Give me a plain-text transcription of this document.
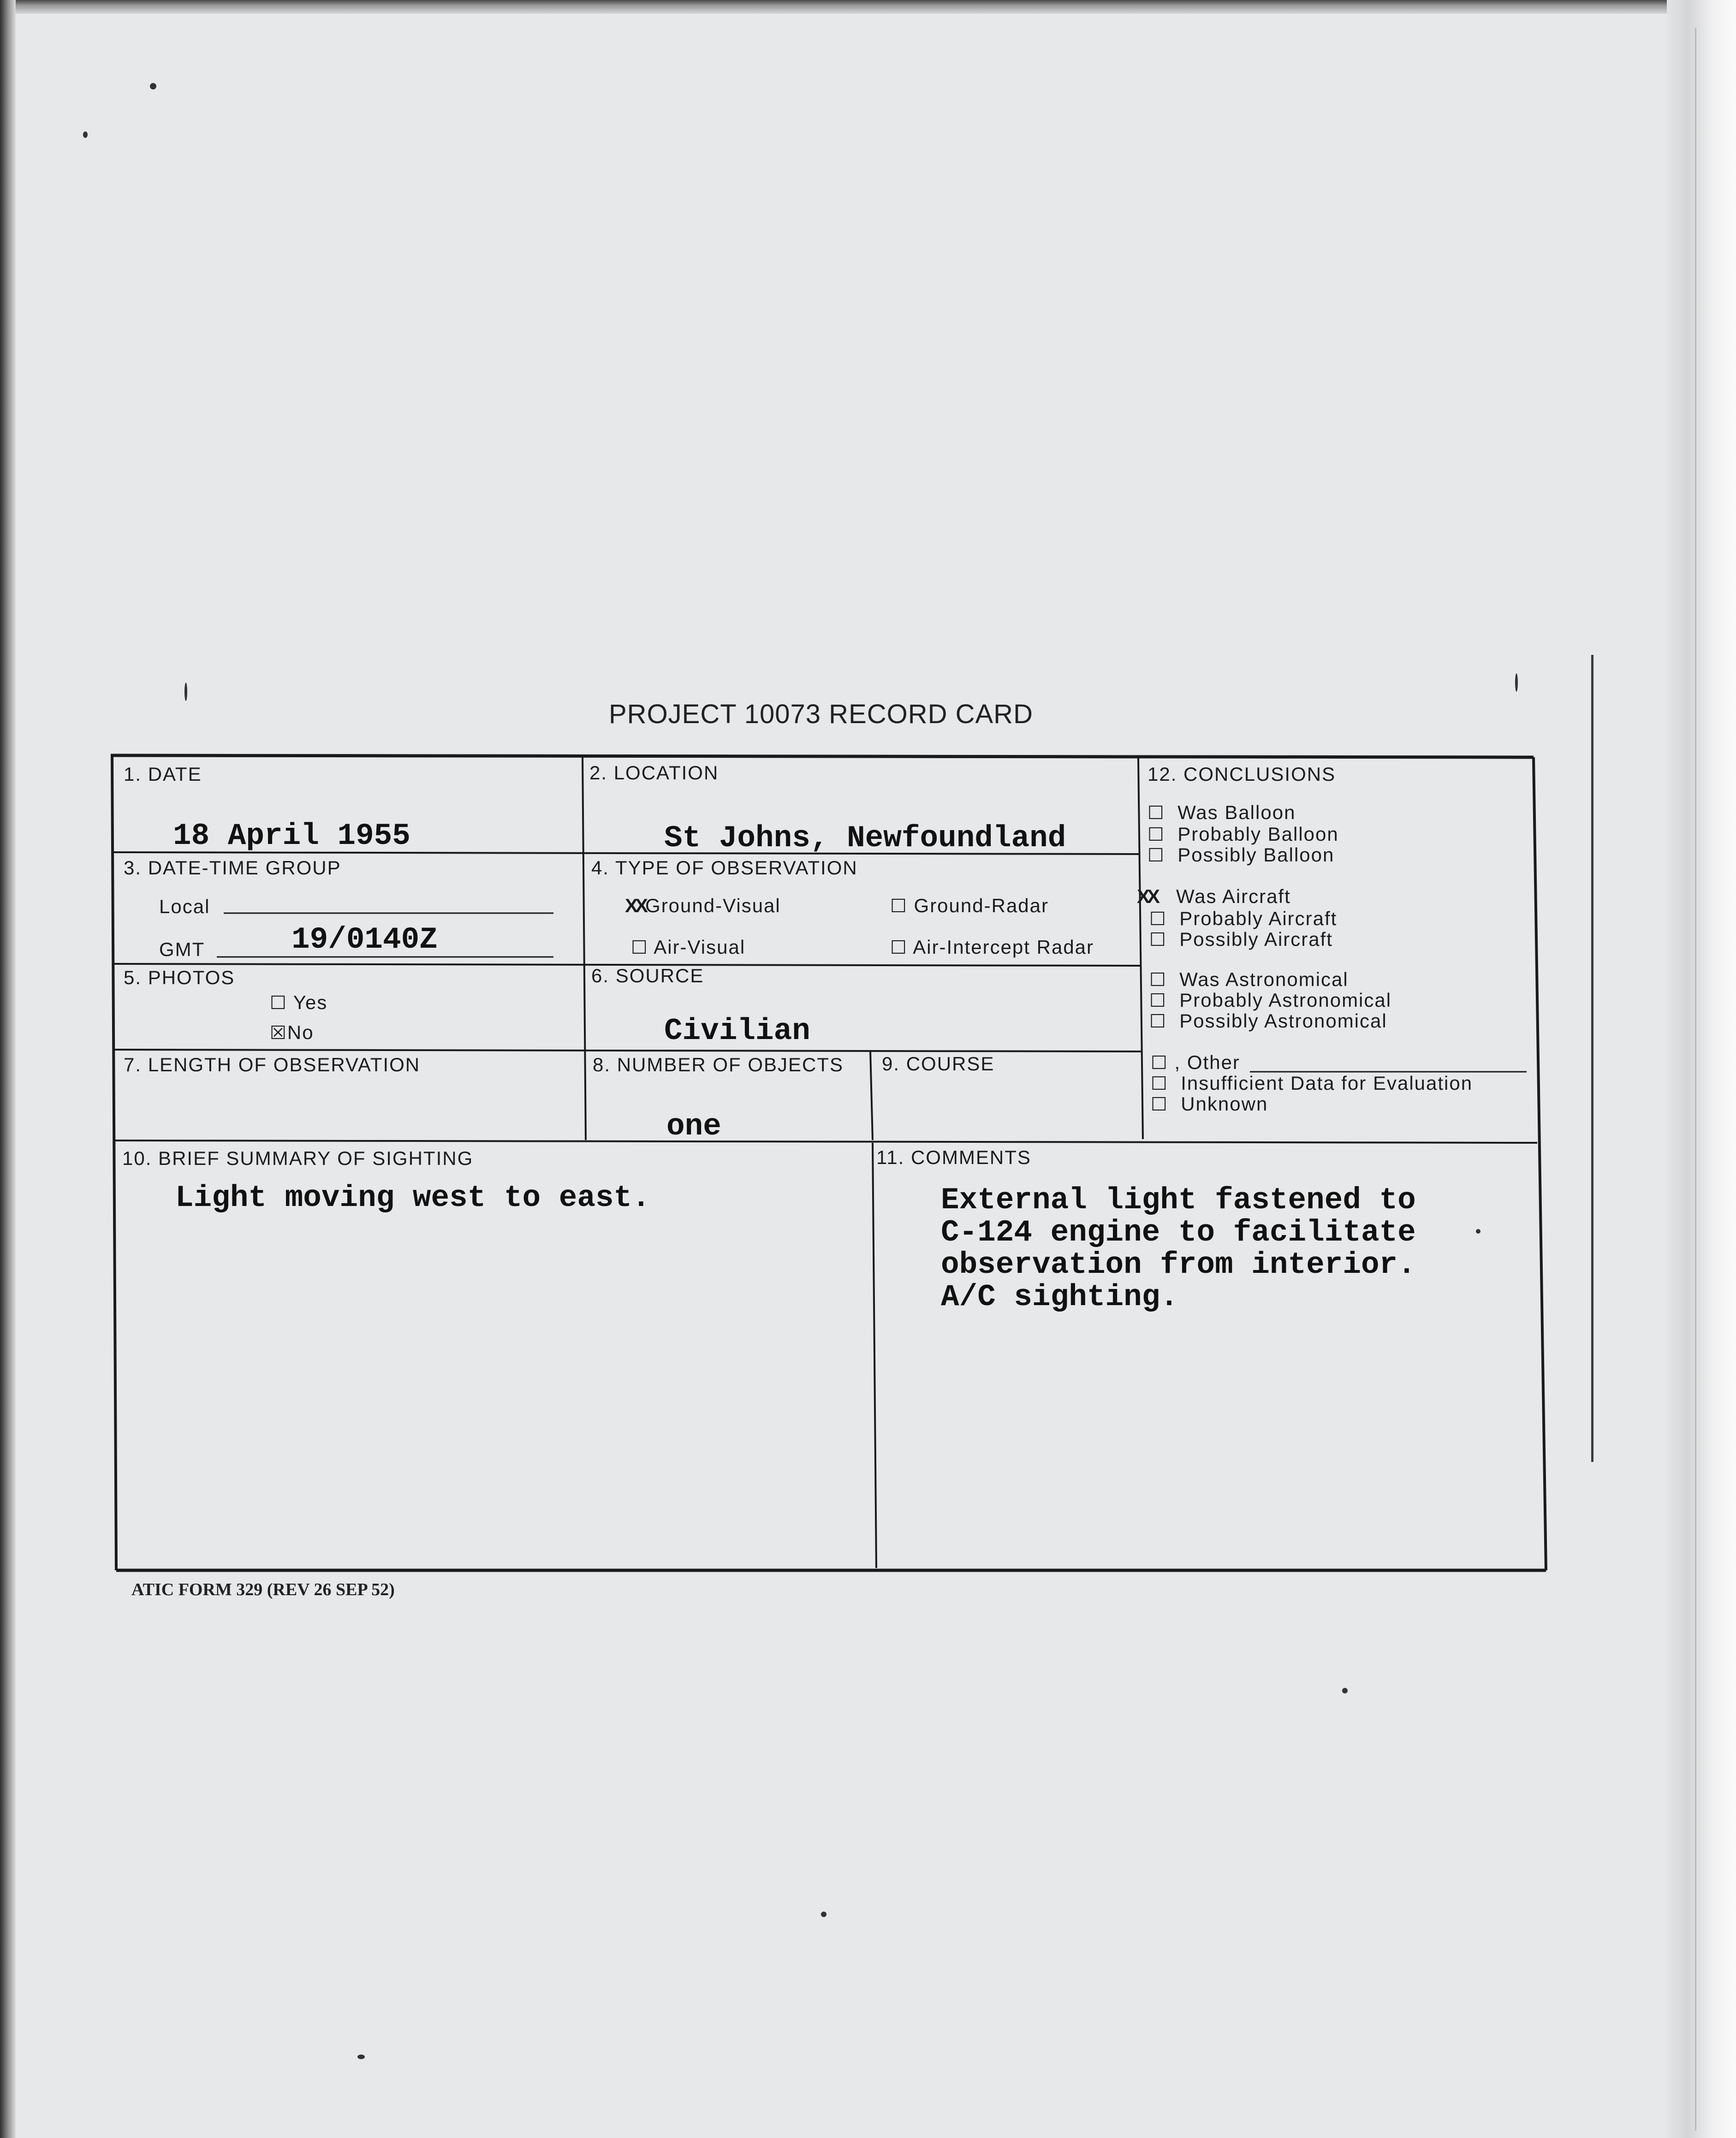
PROJECT 10073 RECORD CARD
1. DATE
18 April 1955
2. LOCATION
St Johns, Newfoundland
3. DATE-TIME GROUP
Local
GMT	19/0140Z
4. TYPE OF OBSERVATION
XXGround-Visual	☐ Ground-Radar
☐ Air-Visual	☐ Air-Intercept Radar
5. PHOTOS
☐ Yes
☒No
6. SOURCE
Civilian
7. LENGTH OF OBSERVATION	8. NUMBER OF OBJECTS
one
9. COURSE
10. BRIEF SUMMARY OF SIGHTING
Light moving west to east.
11. COMMENTS
External light fastened to
C-124 engine to facilitate
observation from interior.
A/C sighting.
12. CONCLUSIONS
☐ Was Balloon
☐ Probably Balloon
☐ Possibly Balloon
XX Was Aircraft
☐ Probably Aircraft
☐ Possibly Aircraft
☐ Was Astronomical
☐ Probably Astronomical
☐ Possibly Astronomical
☐ , Other
☐ Insufficient Data for Evaluation
☐ Unknown
ATIC FORM 329 (REV 26 SEP 52)
